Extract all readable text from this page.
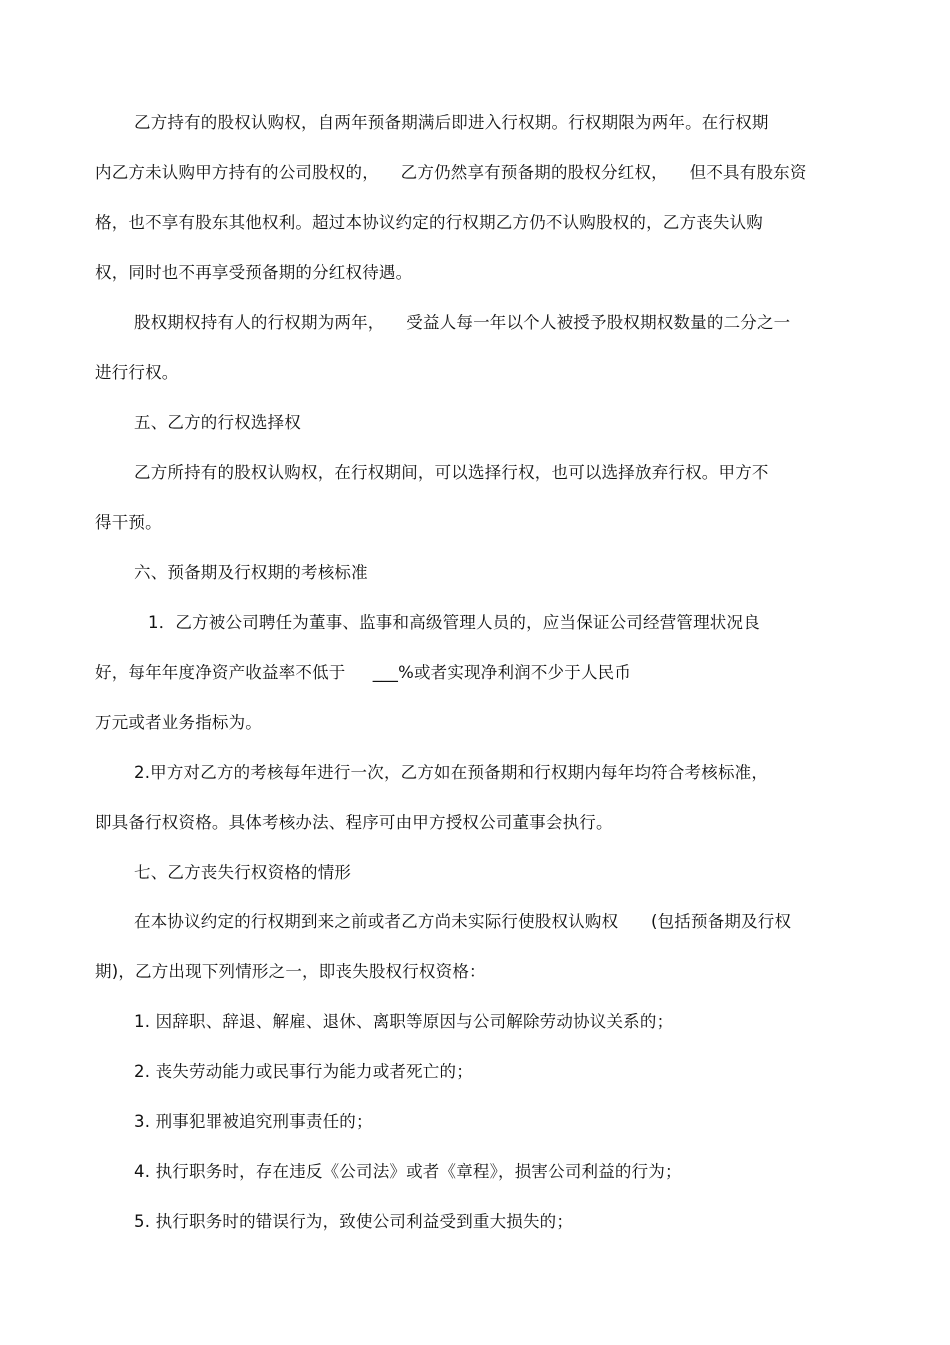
乙方持有的股权认购权，自两年预备期满后即进入行权期。行权期限为两年。在行权期
内乙方未认购甲方持有的公司股权的，    乙方仍然享有预备期的股权分红权，    但不具有股东资
格，也不享有股东其他权利。超过本协议约定的行权期乙方仍不认购股权的，乙方丧失认购
权，同时也不再享受预备期的分红权待遇。
股权期权持有人的行权期为两年，    受益人每一年以个人被授予股权期权数量的二分之一
进行行权。
五、乙方的行权选择权
乙方所持有的股权认购权，在行权期间，可以选择行权，也可以选择放弃行权。甲方不
得干预。
六、预备期及行权期的考核标准
1．乙方被公司聘任为董事、监事和高级管理人员的，应当保证公司经营管理状况良
好，每年年度净资产收益率不低于     ___%或者实现净利润不少于人民币
万元或者业务指标为。
2.甲方对乙方的考核每年进行一次，乙方如在预备期和行权期内每年均符合考核标准，
即具备行权资格。具体考核办法、程序可由甲方授权公司董事会执行。
七、乙方丧失行权资格的情形
在本协议约定的行权期到来之前或者乙方尚未实际行使股权认购权      (包括预备期及行权
期)，乙方出现下列情形之一，即丧失股权行权资格：
1. 因辞职、辞退、解雇、退休、离职等原因与公司解除劳动协议关系的；
2. 丧失劳动能力或民事行为能力或者死亡的；
3. 刑事犯罪被追究刑事责任的；
4. 执行职务时，存在违反《公司法》或者《章程》，损害公司利益的行为；
5. 执行职务时的错误行为，致使公司利益受到重大损失的；
